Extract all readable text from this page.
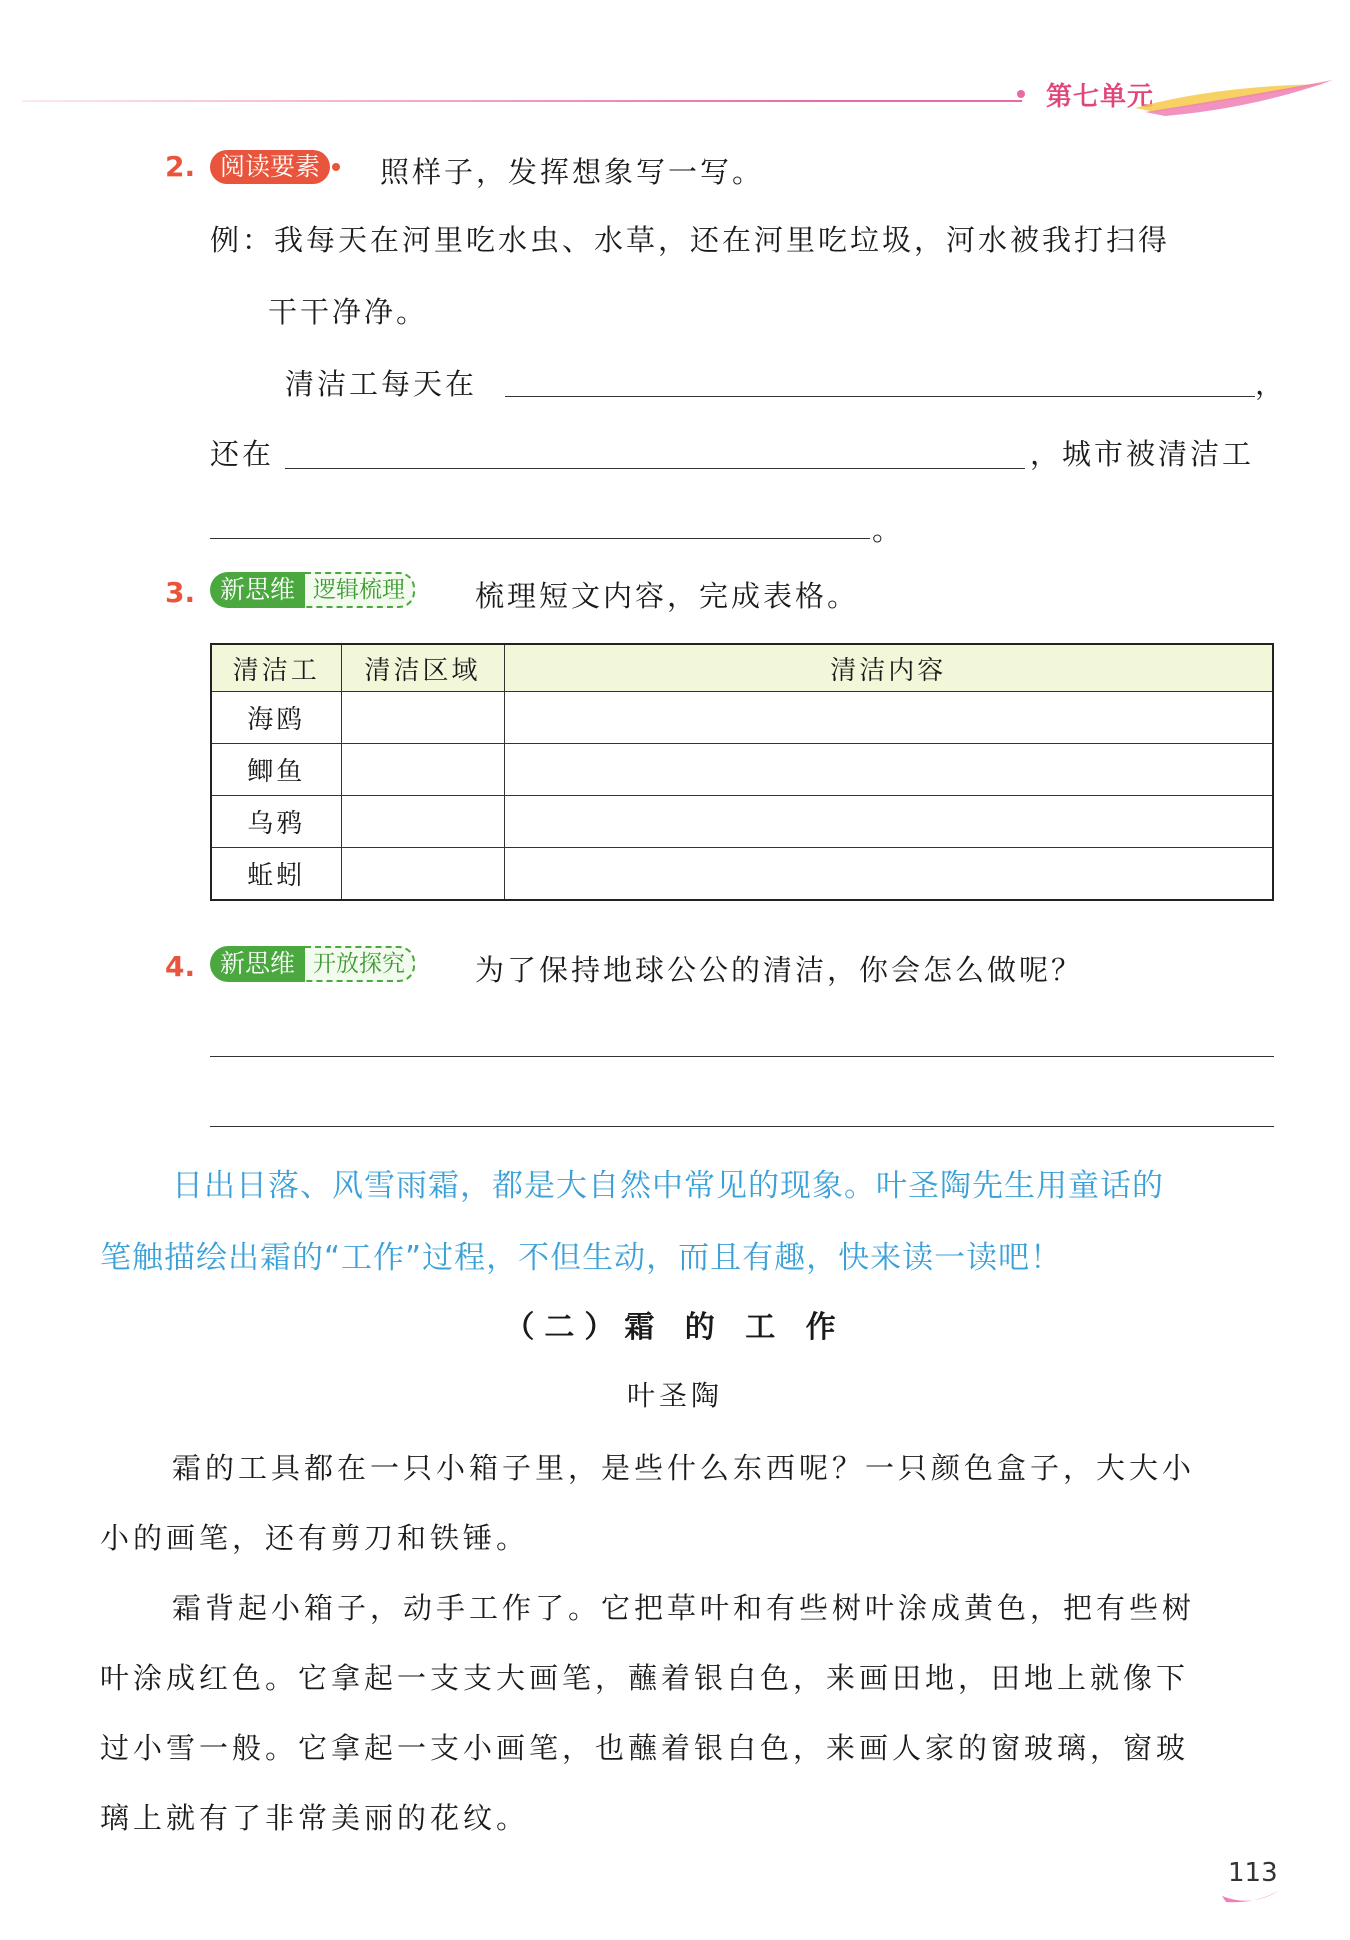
第七单元
2. 阅读要素	照样子，发挥想象写一写。
例：我每天在河里吃水虫、水草，还在河里吃垃圾，河水被我打扫得
干干净净。
清洁工每天在	，
还在	，城市被清洁工
。
3. 新思维 逻辑梳理	梳理短文内容，完成表格。
清洁工	清洁区域	清洁内容
海鸥		
鲫鱼		
乌鸦		
蚯蚓		
4. 新思维 开放探究	为了保持地球公公的清洁，你会怎么做呢？
日出日落、风雪雨霜，都是大自然中常见的现象。叶圣陶先生用童话的
笔触描绘出霜的“工作”过程，不但生动，而且有趣，快来读一读吧！
（二）霜 的 工 作
叶圣陶
霜的工具都在一只小箱子里，是些什么东西呢？一只颜色盒子，大大小
小的画笔，还有剪刀和铁锤。
霜背起小箱子，动手工作了。它把草叶和有些树叶涂成黄色，把有些树
叶涂成红色。它拿起一支支大画笔，蘸着银白色，来画田地，田地上就像下
过小雪一般。它拿起一支小画笔，也蘸着银白色，来画人家的窗玻璃，窗玻
璃上就有了非常美丽的花纹。
113
